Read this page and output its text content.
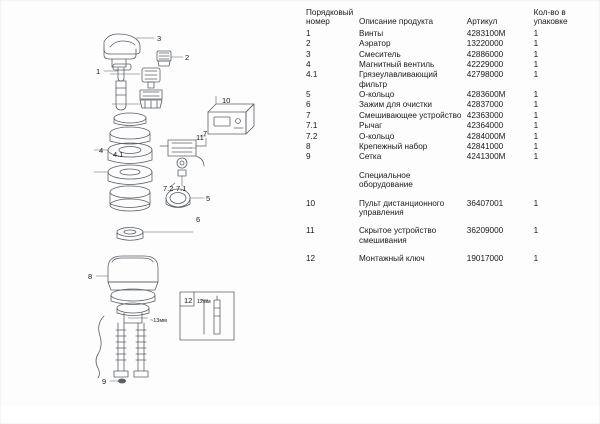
1
2
3
4 4.1
5
6
7
7.1
7.2
8
9
10
11
12 12мм
~13мм
Порядковый номер	Описание продукта	Артикул	Кол-во в упаковке
1	Винты	4283100М	1
2	Аэратор	13220000	1
3	Смеситель	42886000	1
4	Магнитный вентиль	42229000	1
4.1	Грязеулавливающий фильтр	42798000	1
5	О-кольцо	4283600М	1
6	Зажим для очистки	42837000	1
7	Смешивающее устройство	42363000	1
7.1	Рычаг	42364000	1
7.2	О-кольцо	4284000М	1
8	Крепежный набор	42841000	1
9	Сетка	4241300М	1

	Специальное оборудование		

10	Пульт дистанционного управления	36407001	1

11	Скрытое устройство смешивания	36209000	1

12	Монтажный ключ	19017000	1
